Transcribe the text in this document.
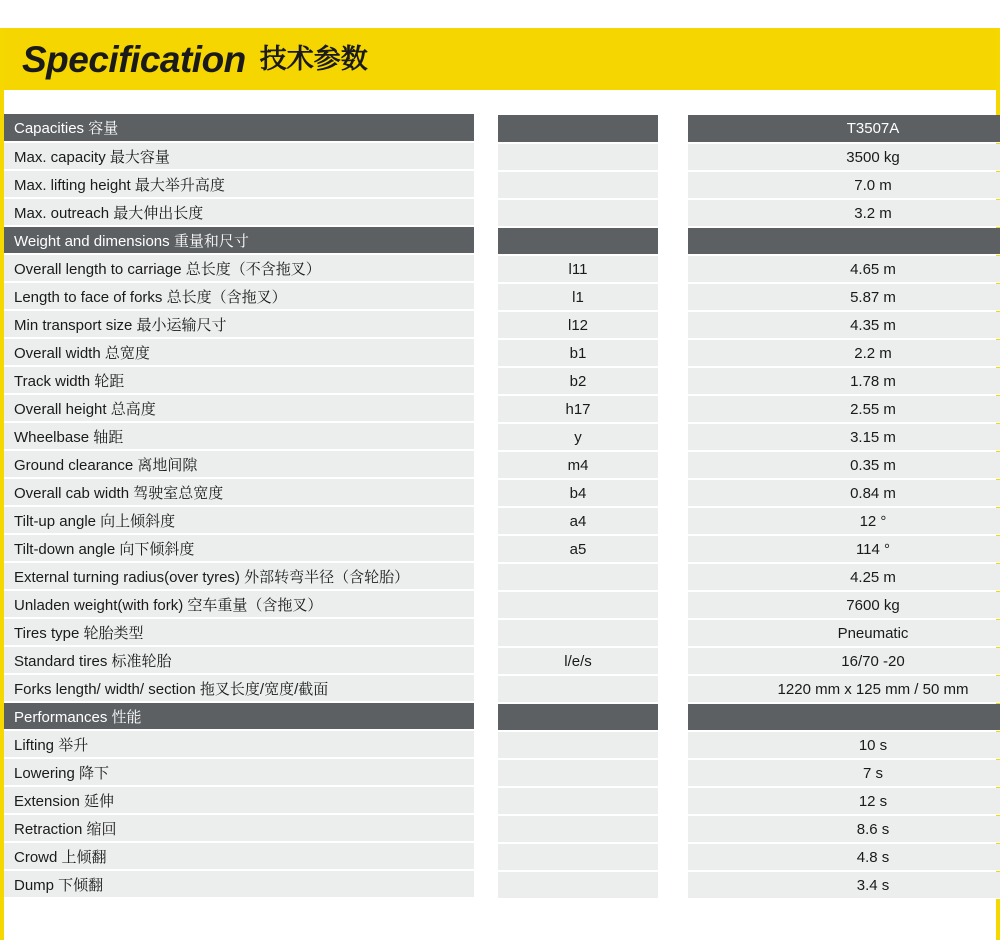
Specification 技术参数
Capacities 容量				T3507A
Max. capacity 最大容量				3500 kg
Max. lifting height 最大举升高度				7.0 m
Max. outreach 最大伸出长度				3.2 m
Weight and dimensions 重量和尺寸				
Overall length to carriage 总长度（不含拖叉）		l11		4.65 m
Length to face of forks 总长度（含拖叉）		l1		5.87 m
Min transport size 最小运输尺寸		l12		4.35 m
Overall width 总宽度		b1		2.2 m
Track width 轮距		b2		1.78 m
Overall height 总高度		h17		2.55 m
Wheelbase 轴距		y		3.15 m
Ground clearance 离地间隙		m4		0.35 m
Overall cab width 驾驶室总宽度		b4		0.84 m
Tilt-up angle 向上倾斜度		a4		12 °
Tilt-down angle 向下倾斜度		a5		114 °
External turning radius(over tyres) 外部转弯半径（含轮胎）				4.25 m
Unladen weight(with fork) 空车重量（含拖叉）				7600 kg
Tires type 轮胎类型				Pneumatic
Standard tires 标准轮胎		l/e/s		16/70 -20
Forks length/ width/ section 拖叉长度/宽度/截面				1220 mm x 125 mm / 50 mm
Performances 性能				
Lifting 举升				10 s
Lowering 降下				7 s
Extension 延伸				12 s
Retraction 缩回				8.6 s
Crowd 上倾翻				4.8 s
Dump 下倾翻				3.4 s
